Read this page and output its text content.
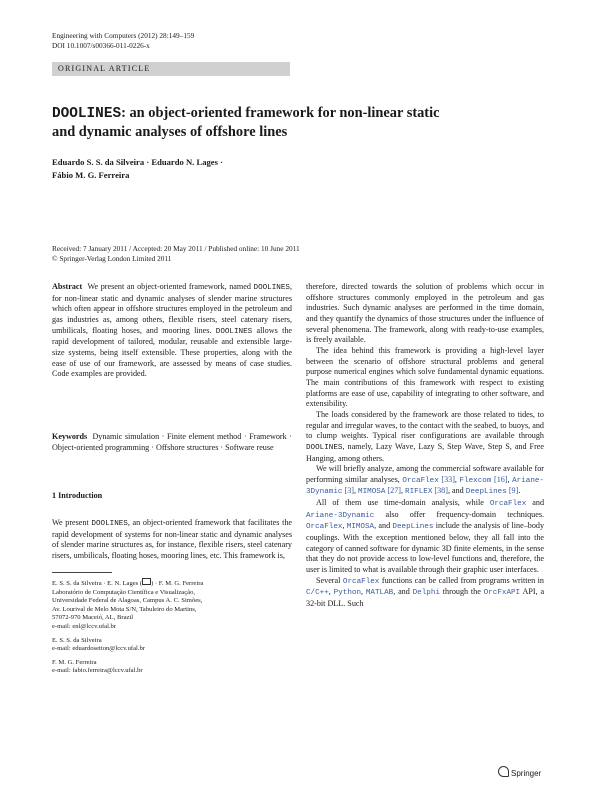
Engineering with Computers (2012) 28:149–159
DOI 10.1007/s00366-011-0226-x
ORIGINAL ARTICLE
DOOLINES: an object-oriented framework for non-linear static
and dynamic analyses of offshore lines
Eduardo S. S. da Silveira · Eduardo N. Lages ·
Fábio M. G. Ferreira
Received: 7 January 2011 / Accepted: 20 May 2011 / Published online: 10 June 2011
© Springer-Verlag London Limited 2011

Abstract We present an object-oriented framework, named DOOLINES, for non-linear static and dynamic analyses of slender marine structures which often appear in offshore structures employed in the petroleum and gas industries as, among others, flexible risers, steel catenary risers, umbilicals, floating hoses, and mooring lines. DOOLINES allows the rapid development of tailored, modular, reusable and extensible large-size systems, being itself extensible. These properties, along with the ease of use of our framework, are assessed by means of case studies. Code examples are provided.

Keywords Dynamic simulation · Finite element method · Framework · Object-oriented programming · Offshore structures · Software reuse

1 Introduction

We present DOOLINES, an object-oriented framework that facilitates the rapid development of systems for non-linear static and dynamic analyses of slender marine structures as, for instance, flexible risers, steel catenary risers, umbilicals, floating hoses, mooring lines, etc. This framework is,

E. S. S. da Silveira · E. N. Lages ( ) · F. M. G. Ferreira
Laboratório de Computação Científica e Visualização,
Universidade Federal de Alagoas, Campus A. C. Simões,
Av. Lourival de Melo Mota S/N, Tabuleiro do Martins,
57072-970 Maceió, AL, Brazil
e-mail: enl@lccv.ufal.br
E. S. S. da Silveira
e-mail: eduardosetton@lccv.ufal.br
F. M. G. Ferreira
e-mail: fabio.ferreira@lccv.ufal.br

therefore, directed towards the solution of problems which occur in offshore structures commonly employed in the petroleum and gas industries. Such dynamic analyses are performed in the time domain, and they quantify the dynamics of those structures under the influence of several phenomena. The framework, along with ready-to-use examples, is freely available.

The idea behind this framework is providing a high-level layer between the scenario of offshore structural problems and general purpose numerical engines which solve fundamental dynamic equations. The main contributions of this framework with respect to existing platforms are ease of use, capability of integrating to other software, and extensibility.

The loads considered by the framework are those related to tides, to regular and irregular waves, to the contact with the seabed, to buoys, and to clump weights. Typical riser configurations are available through DOOLINES, namely, Lazy Wave, Lazy S, Step Wave, Step S, and Free Hanging, among others.

We will briefly analyze, among the commercial software available for performing similar analyses, OrcaFlex [33], Flexcom [16], Ariane-3Dynamic [3], MIMOSA [27], RIFLEX [38], and DeepLines [9].

All of them use time-domain analysis, while OrcaFlex and Ariane-3Dynamic also offer frequency-domain techniques. OrcaFlex, MIMOSA, and DeepLines include the analysis of line–body couplings. With the exception mentioned below, they all fall into the category of canned software for dynamic 3D finite elements, in the sense that they do not provide access to low-level functions and, therefore, the user is limited to what is available through their graphic user interfaces.

Several OrcaFlex functions can be called from programs written in C/C++, Python, MATLAB, and Delphi through the OrcFxAPI API, a 32-bit DLL. Such

Springer
